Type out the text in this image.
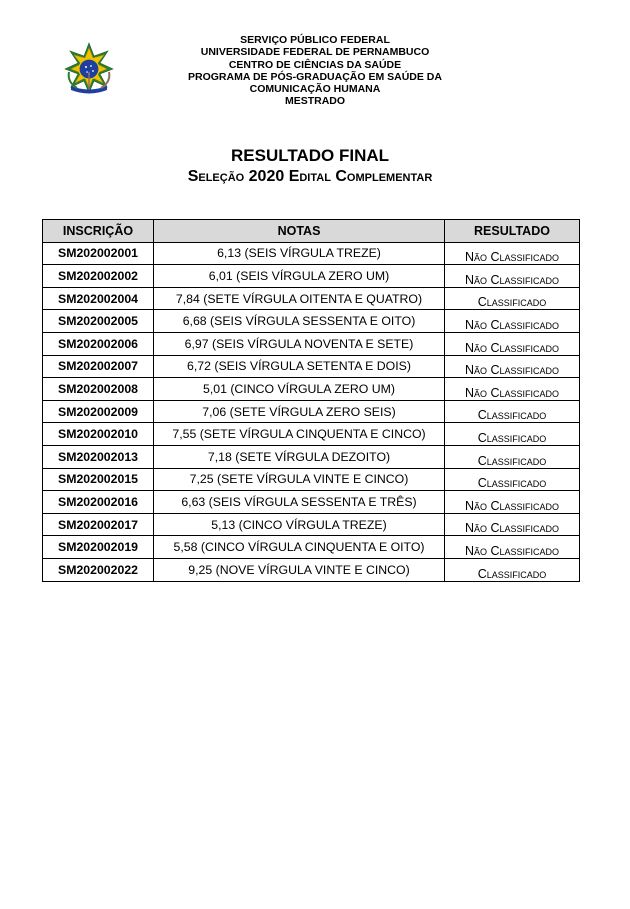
SERVIÇO PÚBLICO FEDERAL
UNIVERSIDADE FEDERAL DE PERNAMBUCO
CENTRO DE CIÊNCIAS DA SAÚDE
PROGRAMA DE PÓS-GRADUAÇÃO EM SAÚDE DA
COMUNICAÇÃO HUMANA
MESTRADO
RESULTADO FINAL
Seleção 2020 Edital Complementar
INSCRIÇÃO	NOTAS	RESULTADO
SM202002001	6,13 (SEIS VÍRGULA TREZE)	Não Classificado
SM202002002	6,01 (SEIS VÍRGULA ZERO UM)	Não Classificado
SM202002004	7,84 (SETE VÍRGULA OITENTA E QUATRO)	Classificado
SM202002005	6,68 (SEIS VÍRGULA SESSENTA E OITO)	Não Classificado
SM202002006	6,97 (SEIS VÍRGULA NOVENTA E SETE)	Não Classificado
SM202002007	6,72 (SEIS VÍRGULA SETENTA E DOIS)	Não Classificado
SM202002008	5,01 (CINCO VÍRGULA ZERO UM)	Não Classificado
SM202002009	7,06 (SETE VÍRGULA ZERO SEIS)	Classificado
SM202002010	7,55 (SETE VÍRGULA CINQUENTA E CINCO)	Classificado
SM202002013	7,18 (SETE VÍRGULA DEZOITO)	Classificado
SM202002015	7,25 (SETE VÍRGULA VINTE E CINCO)	Classificado
SM202002016	6,63 (SEIS VÍRGULA SESSENTA E TRÊS)	Não Classificado
SM202002017	5,13 (CINCO VÍRGULA TREZE)	Não Classificado
SM202002019	5,58 (CINCO VÍRGULA CINQUENTA E OITO)	Não Classificado
SM202002022	9,25 (NOVE VÍRGULA VINTE E CINCO)	Classificado
